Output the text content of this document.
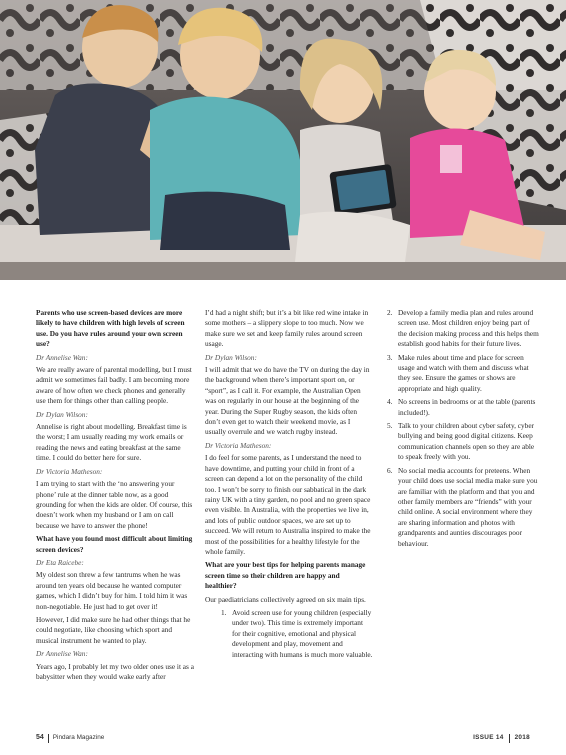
Parents who use screen-based devices are more likely to have children with high levels of screen use. Do you have rules around your own screen use?

Dr Annelise Wan:

We are really aware of parental modelling, but I must admit we sometimes fail badly. I am becoming more aware of how often we check phones and generally use them for things other than calling people.

Dr Dylan Wilson:

Annelise is right about modelling. Breakfast time is the worst; I am usually reading my work emails or reading the news and eating breakfast at the same time. I could do better here for sure.

Dr Victoria Matheson:

I am trying to start with the ‘no answering your phone’ rule at the dinner table now, as a good grounding for when the kids are older. Of course, this doesn’t work when my husband or I am on call because we have to answer the phone!

What have you found most difficult about limiting screen devices?

Dr Eta Raicebe:

My oldest son threw a few tantrums when he was around ten years old because he wanted computer games, which I didn’t buy for him. I told him it was non-negotiable. He just had to get over it!

However, I did make sure he had other things that he could negotiate, like choosing which sport and musical instrument he wanted to play.

Dr Annelise Wan:

Years ago, I probably let my two older ones use it as a babysitter when they would wake early after

I’d had a night shift; but it’s a bit like red wine intake in some mothers – a slippery slope to too much. Now we make sure we set and keep family rules around screen usage.

Dr Dylan Wilson:

I will admit that we do have the TV on during the day in the background when there’s important sport on, or “sport”, as I call it. For example, the Australian Open was on regularly in our house at the beginning of the year. During the Super Rugby season, the kids often don’t even get to watch their weekend movie, as I usually overrule and we watch rugby instead.

Dr Victoria Matheson:

I do feel for some parents, as I understand the need to have downtime, and putting your child in front of a screen can depend a lot on the personality of the child too. I won’t be sorry to finish our sabbatical in the dark rainy UK with a tiny garden, no pool and no green space even visible. In Australia, with the properties we live in, and lots of public outdoor spaces, we are set up to succeed. We will return to Australia inspired to make the most of the possibilities for a healthy lifestyle for the whole family.

What are your best tips for helping parents manage screen time so their children are happy and healthier?

Our paediatricians collectively agreed on six main tips.

1. Avoid screen use for young children (especially under two). This time is extremely important for their cognitive, emotional and physical development and play, movement and interacting with humans is much more valuable.
2. Develop a family media plan and rules around screen use. Most children enjoy being part of the decision making process and this helps them establish good habits for their future lives.
3. Make rules about time and place for screen usage and watch with them and discuss what they see. Ensure the games or shows are appropriate and high quality.
4. No screens in bedrooms or at the table (parents included!).
5. Talk to your children about cyber safety, cyber bullying and being good digital citizens. Keep communication channels open so they are able to speak freely with you.
6. No social media accounts for preteens. When your child does use social media make sure you are familiar with the platform and that you and other family members are “friends” with your child online. A social environment where they are sharing information and photos with grandparents and aunties discourages poor behaviour.
54 Pindara Magazine	ISSUE 14 2018
